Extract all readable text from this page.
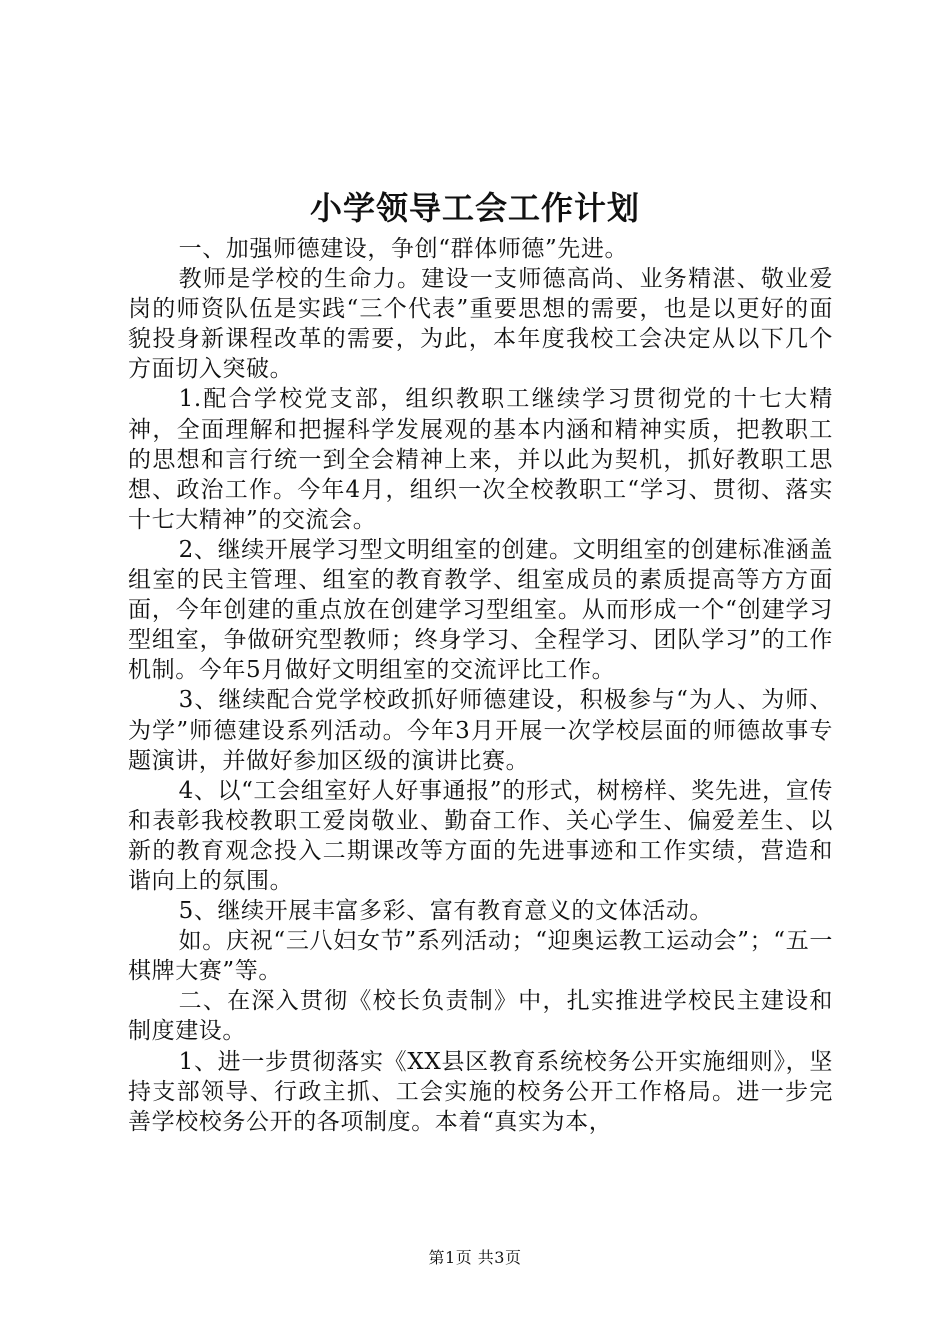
小学领导工会工作计划

一、加强师德建设，争创“群体师德”先进。

教师是学校的生命力。建设一支师德高尚、业务精湛、敬业爱岗的师资队伍是实践“三个代表”重要思想的需要，也是以更好的面貌投身新课程改革的需要，为此，本年度我校工会决定从以下几个方面切入突破。

1.配合学校党支部，组织教职工继续学习贯彻党的十七大精神，全面理解和把握科学发展观的基本内涵和精神实质，把教职工的思想和言行统一到全会精神上来，并以此为契机，抓好教职工思想、政治工作。今年4月，组织一次全校教职工“学习、贯彻、落实十七大精神”的交流会。

2、继续开展学习型文明组室的创建。文明组室的创建标准涵盖组室的民主管理、组室的教育教学、组室成员的素质提高等方方面面，今年创建的重点放在创建学习型组室。从而形成一个“创建学习型组室，争做研究型教师；终身学习、全程学习、团队学习”的工作机制。今年5月做好文明组室的交流评比工作。

3、继续配合党学校政抓好师德建设，积极参与“为人、为师、为学”师德建设系列活动。今年3月开展一次学校层面的师德故事专题演讲，并做好参加区级的演讲比赛。

4、以“工会组室好人好事通报”的形式，树榜样、奖先进，宣传和表彰我校教职工爱岗敬业、勤奋工作、关心学生、偏爱差生、以新的教育观念投入二期课改等方面的先进事迹和工作实绩，营造和谐向上的氛围。

5、继续开展丰富多彩、富有教育意义的文体活动。

如。庆祝“三八妇女节”系列活动；“迎奥运教工运动会”；“五一棋牌大赛”等。

二、在深入贯彻《校长负责制》中，扎实推进学校民主建设和制度建设。

1、进一步贯彻落实《XX县区教育系统校务公开实施细则》，坚持支部领导、行政主抓、工会实施的校务公开工作格局。进一步完善学校校务公开的各项制度。本着“真实为本，

第1页 共3页
